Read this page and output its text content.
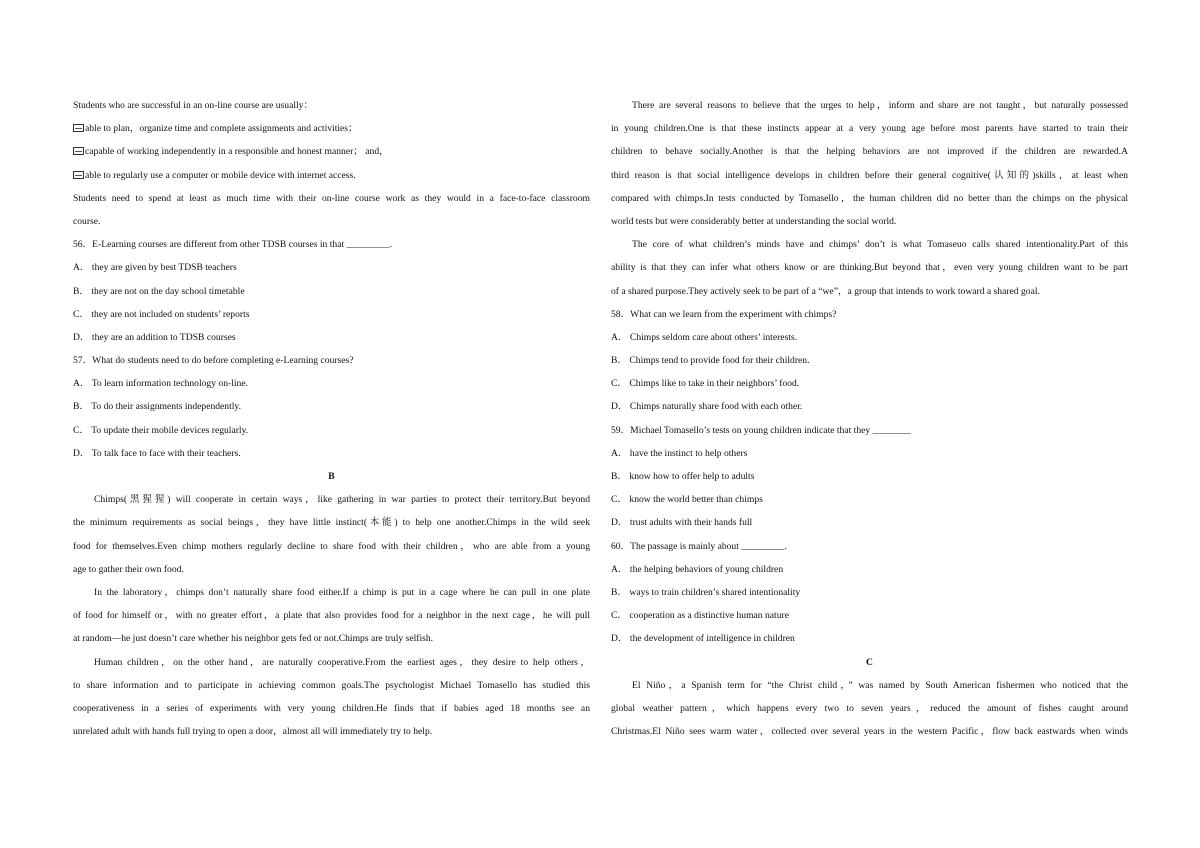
Students who are successful in an on-line course are usually：
able to plan，organize time and complete assignments and activities；
capable of working independently in a responsible and honest manner； and，
able to regularly use a computer or mobile device with internet access.
Students need to spend at least as much time with their on-line course work as they would in a face-to-face classroom
course.
56．E-Learning courses are different from other TDSB courses in that _________.
A． they are given by best TDSB teachers
B． they are not on the day school timetable
C． they are not included on students’ reports
D． they are an addition to TDSB courses
57．What do students need to do before completing e-Learning courses?
A． To learn information technology on-line.
B． To do their assignments independently.
C． To update their mobile devices regularly.
D． To talk face to face with their teachers.
B
Chimps(黑猩猩) will cooperate in certain ways，like gathering in war parties to protect their territory.But beyond
the minimum requirements as social beings，they have little instinct(本能) to help one another.Chimps in the wild seek
food for themselves.Even chimp mothers regularly decline to share food with their children，who are able from a young
age to gather their own food.
In the laboratory，chimps don’t naturally share food either.If a chimp is put in a cage where he can pull in one plate
of food for himself or，with no greater effort，a plate that also provides food for a neighbor in the next cage，he will pull
at random—he just doesn’t care whether his neighbor gets fed or not.Chimps are truly selfish.
Human children，on the other hand，are naturally cooperative.From the earliest ages，they desire to help others，
to share information and to participate in achieving common goals.The psychologist Michael Tomasello has studied this
cooperativeness in a series of experiments with very young children.He finds that if babies aged 18 months see an
unrelated adult with hands full trying to open a door，almost all will immediately try to help.
There are several reasons to believe that the urges to help，inform and share are not taught，but naturally possessed
in young children.One is that these instincts appear at a very young age before most parents have started to train their
children to behave socially.Another is that the helping behaviors are not improved if the children are rewarded.A
third reason is that social intelligence develops in children before their general cognitive(认知的)skills，at least when
compared with chimps.In tests conducted by Tomasello，the human children did no better than the chimps on the physical
world tests but were considerably better at understanding the social world.
The core of what children’s minds have and chimps’ don’t is what Tomaseuo calls shared intentionality.Part of this
ability is that they can infer what others know or are thinking.But beyond that，even very young children want to be part
of a shared purpose.They actively seek to be part of a “we”，a group that intends to work toward a shared goal.
58．What can we learn from the experiment with chimps?
A． Chimps seldom care about others’ interests.
B． Chimps tend to provide food for their children.
C． Chimps like to take in their neighbors’ food.
D． Chimps naturally share food with each other.
59．Michael Tomasello’s tests on young children indicate that they ________
A． have the instinct to help others
B． know how to offer help to adults
C． know the world better than chimps
D． trust adults with their hands full
60．The passage is mainly about _________.
A． the helping behaviors of young children
B． ways to train children’s shared intentionality
C． cooperation as a distinctive human nature
D． the development of intelligence in children
C
El Niño，a Spanish term for “the Christ child，” was named by South American fishermen who noticed that the
global weather pattern，which happens every two to seven years，reduced the amount of fishes caught around
Christmas.El Niño sees warm water，collected over several years in the western Pacific，flow back eastwards when winds
